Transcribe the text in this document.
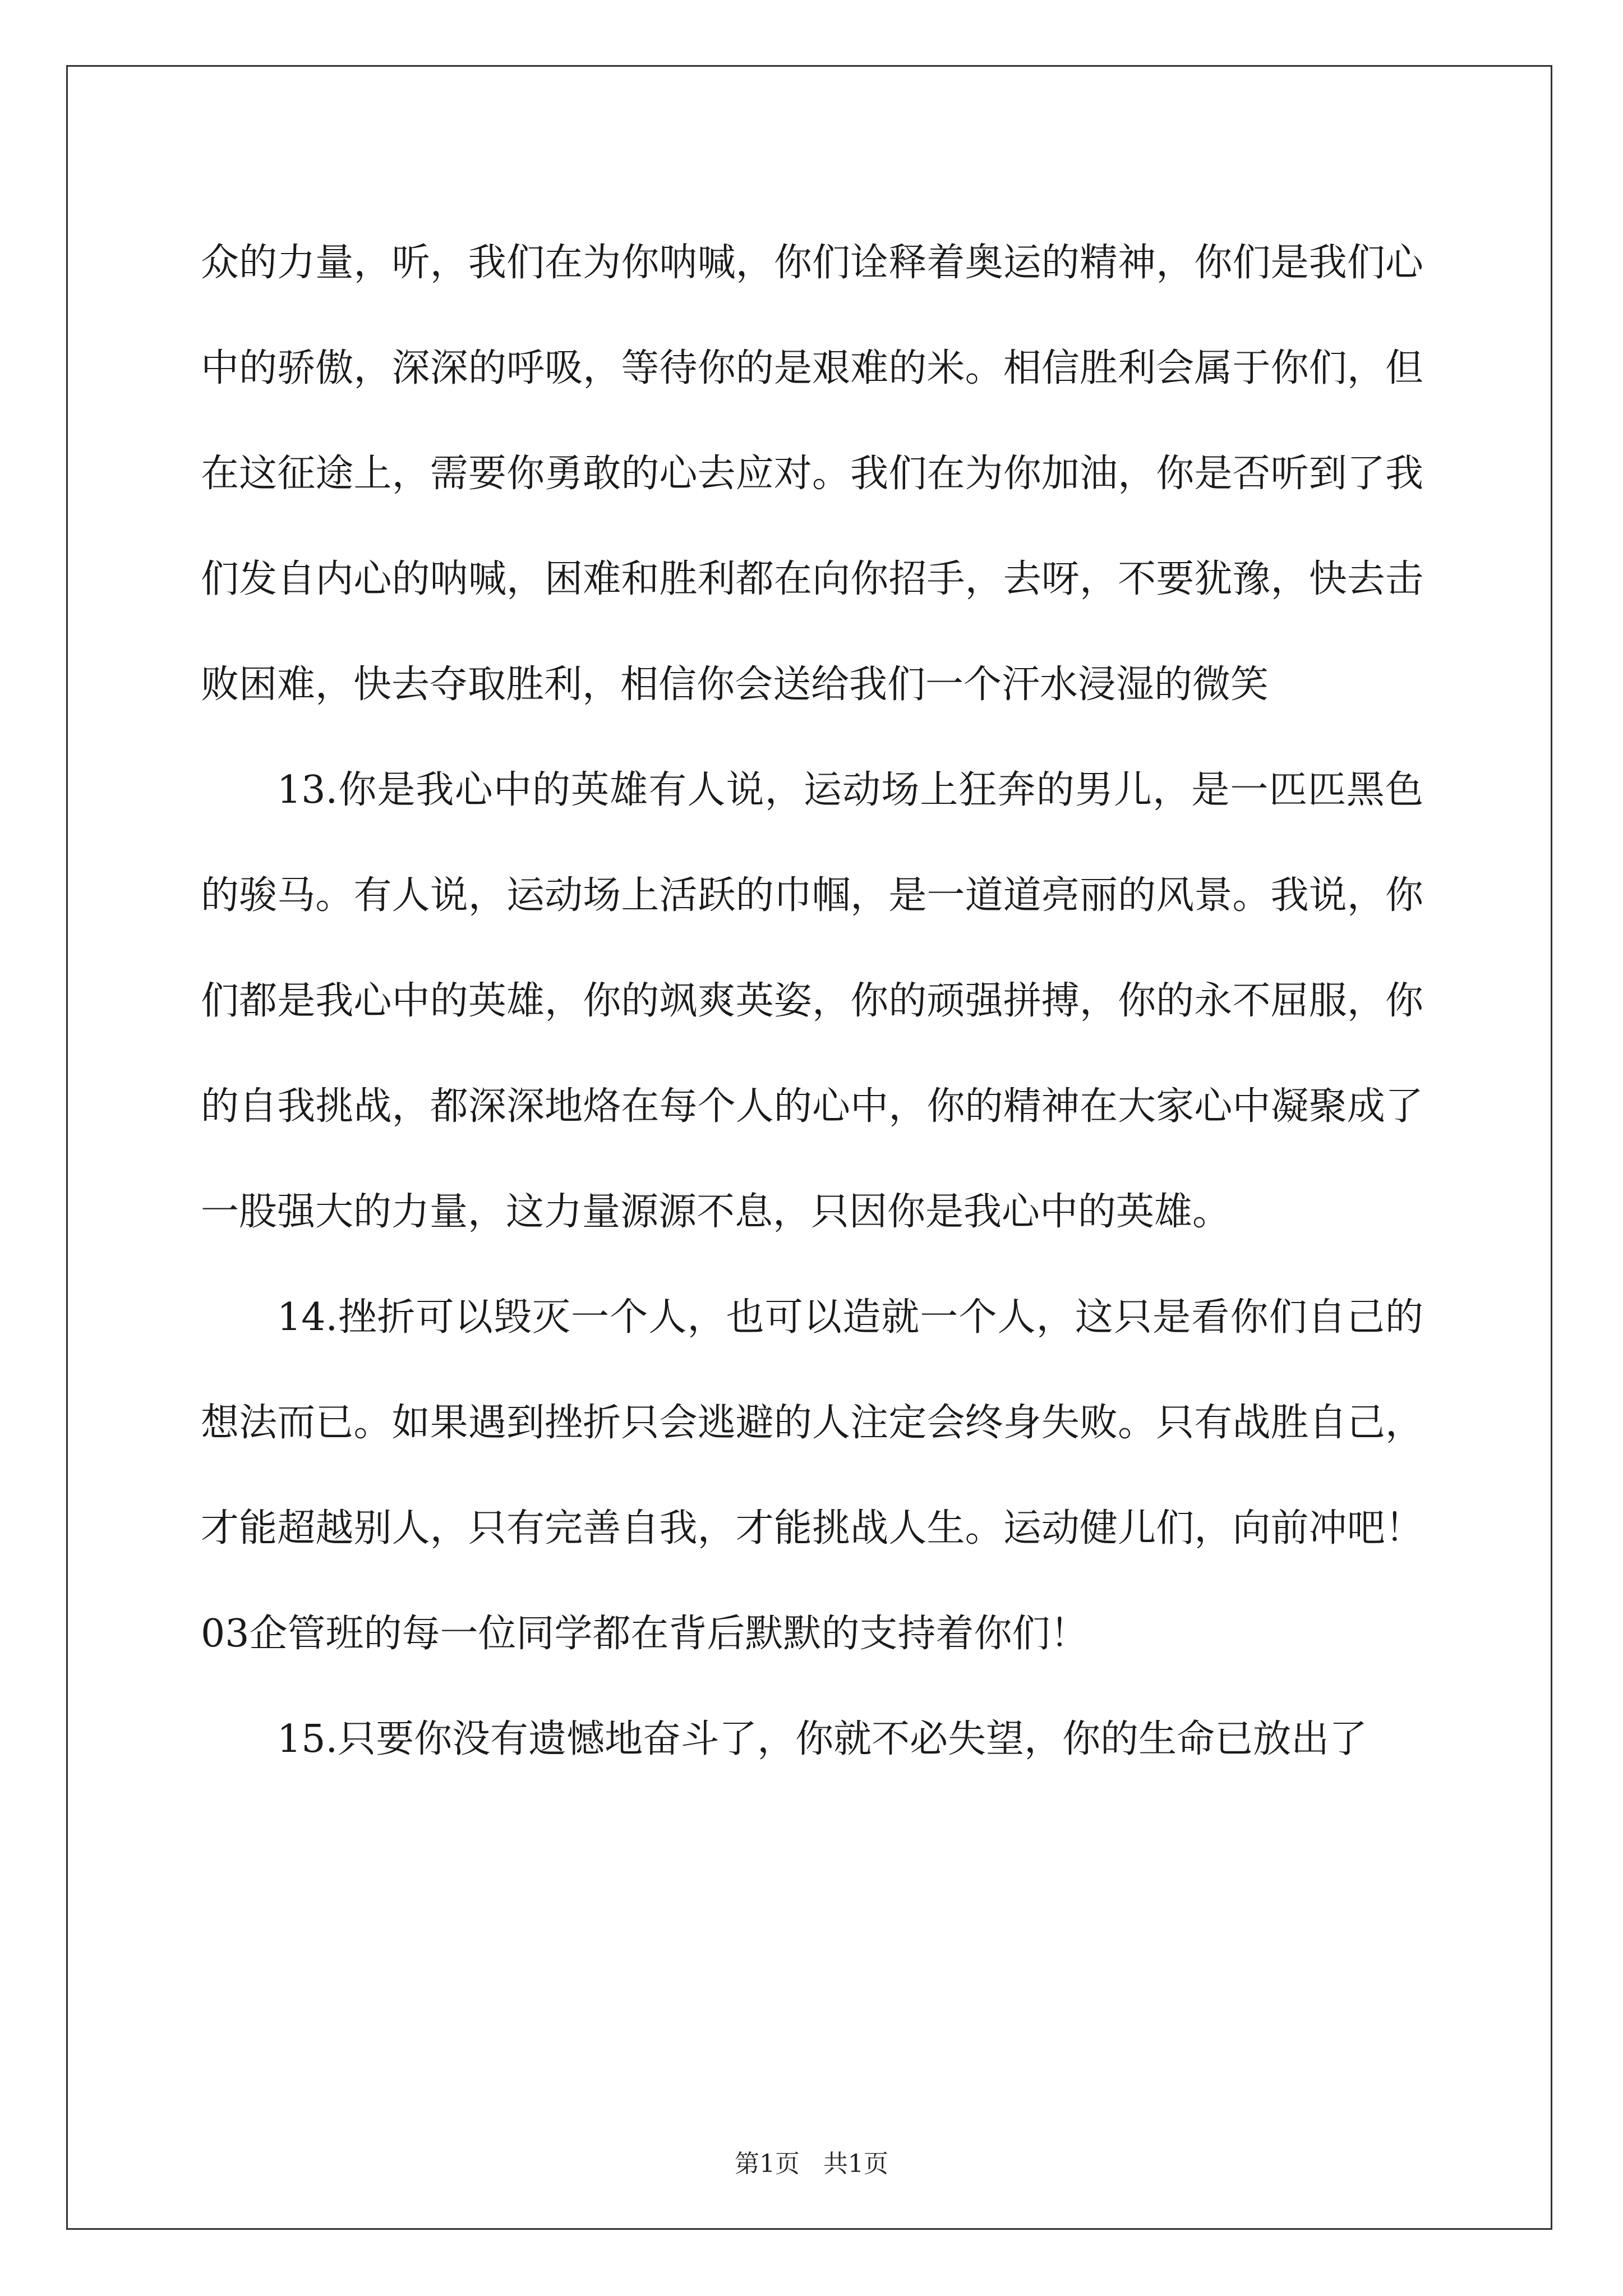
众的力量，听，我们在为你呐喊，你们诠释着奥运的精神，你们是我们心中的骄傲，深深的呼吸，等待你的是艰难的米。相信胜利会属于你们，但在这征途上，需要你勇敢的心去应对。我们在为你加油，你是否听到了我们发自内心的呐喊，困难和胜利都在向你招手，去呀，不要犹豫，快去击败困难，快去夺取胜利，相信你会送给我们一个汗水浸湿的微笑

13.你是我心中的英雄有人说，运动场上狂奔的男儿，是一匹匹黑色的骏马。有人说，运动场上活跃的巾帼，是一道道亮丽的风景。我说，你们都是我心中的英雄，你的飒爽英姿，你的顽强拼搏，你的永不屈服，你的自我挑战，都深深地烙在每个人的心中，你的精神在大家心中凝聚成了一股强大的力量，这力量源源不息，只因你是我心中的英雄。

14.挫折可以毁灭一个人，也可以造就一个人，这只是看你们自己的想法而已。如果遇到挫折只会逃避的人注定会终身失败。只有战胜自己，才能超越别人，只有完善自我，才能挑战人生。运动健儿们，向前冲吧！03企管班的每一位同学都在背后默默的支持着你们！

15.只要你没有遗憾地奋斗了，你就不必失望，你的生命已放出了

第1页 共1页
